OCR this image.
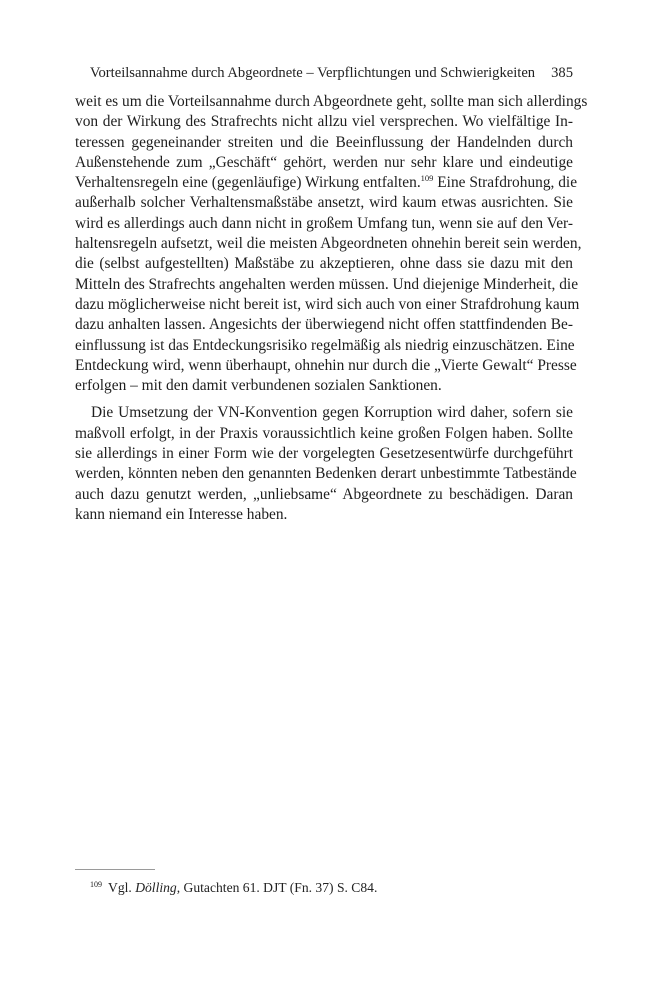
Vorteilsannahme durch Abgeordnete – Verpflichtungen und Schwierigkeiten 385
weit es um die Vorteilsannahme durch Abgeordnete geht, sollte man sich allerdings
von der Wirkung des Strafrechts nicht allzu viel versprechen. Wo vielfältige In-
teressen gegeneinander streiten und die Beeinflussung der Handelnden durch
Außenstehende zum „Geschäft“ gehört, werden nur sehr klare und eindeutige
Verhaltensregeln eine (gegenläufige) Wirkung entfalten.$^{109}$ Eine Strafdrohung, die
außerhalb solcher Verhaltensmaßstäbe ansetzt, wird kaum etwas ausrichten. Sie
wird es allerdings auch dann nicht in großem Umfang tun, wenn sie auf den Ver-
haltensregeln aufsetzt, weil die meisten Abgeordneten ohnehin bereit sein werden,
die (selbst aufgestellten) Maßstäbe zu akzeptieren, ohne dass sie dazu mit den
Mitteln des Strafrechts angehalten werden müssen. Und diejenige Minderheit, die
dazu möglicherweise nicht bereit ist, wird sich auch von einer Strafdrohung kaum
dazu anhalten lassen. Angesichts der überwiegend nicht offen stattfindenden Be-
einflussung ist das Entdeckungsrisiko regelmäßig als niedrig einzuschätzen. Eine
Entdeckung wird, wenn überhaupt, ohnehin nur durch die „Vierte Gewalt“ Presse
erfolgen – mit den damit verbundenen sozialen Sanktionen.
Die Umsetzung der VN-Konvention gegen Korruption wird daher, sofern sie
maßvoll erfolgt, in der Praxis voraussichtlich keine großen Folgen haben. Sollte
sie allerdings in einer Form wie der vorgelegten Gesetzesentwürfe durchgeführt
werden, könnten neben den genannten Bedenken derart unbestimmte Tatbestände
auch dazu genutzt werden, „unliebsame“ Abgeordnete zu beschädigen. Daran
kann niemand ein Interesse haben.
$^{109}$ Vgl. Dölling, Gutachten 61. DJT (Fn. 37) S. C84.
